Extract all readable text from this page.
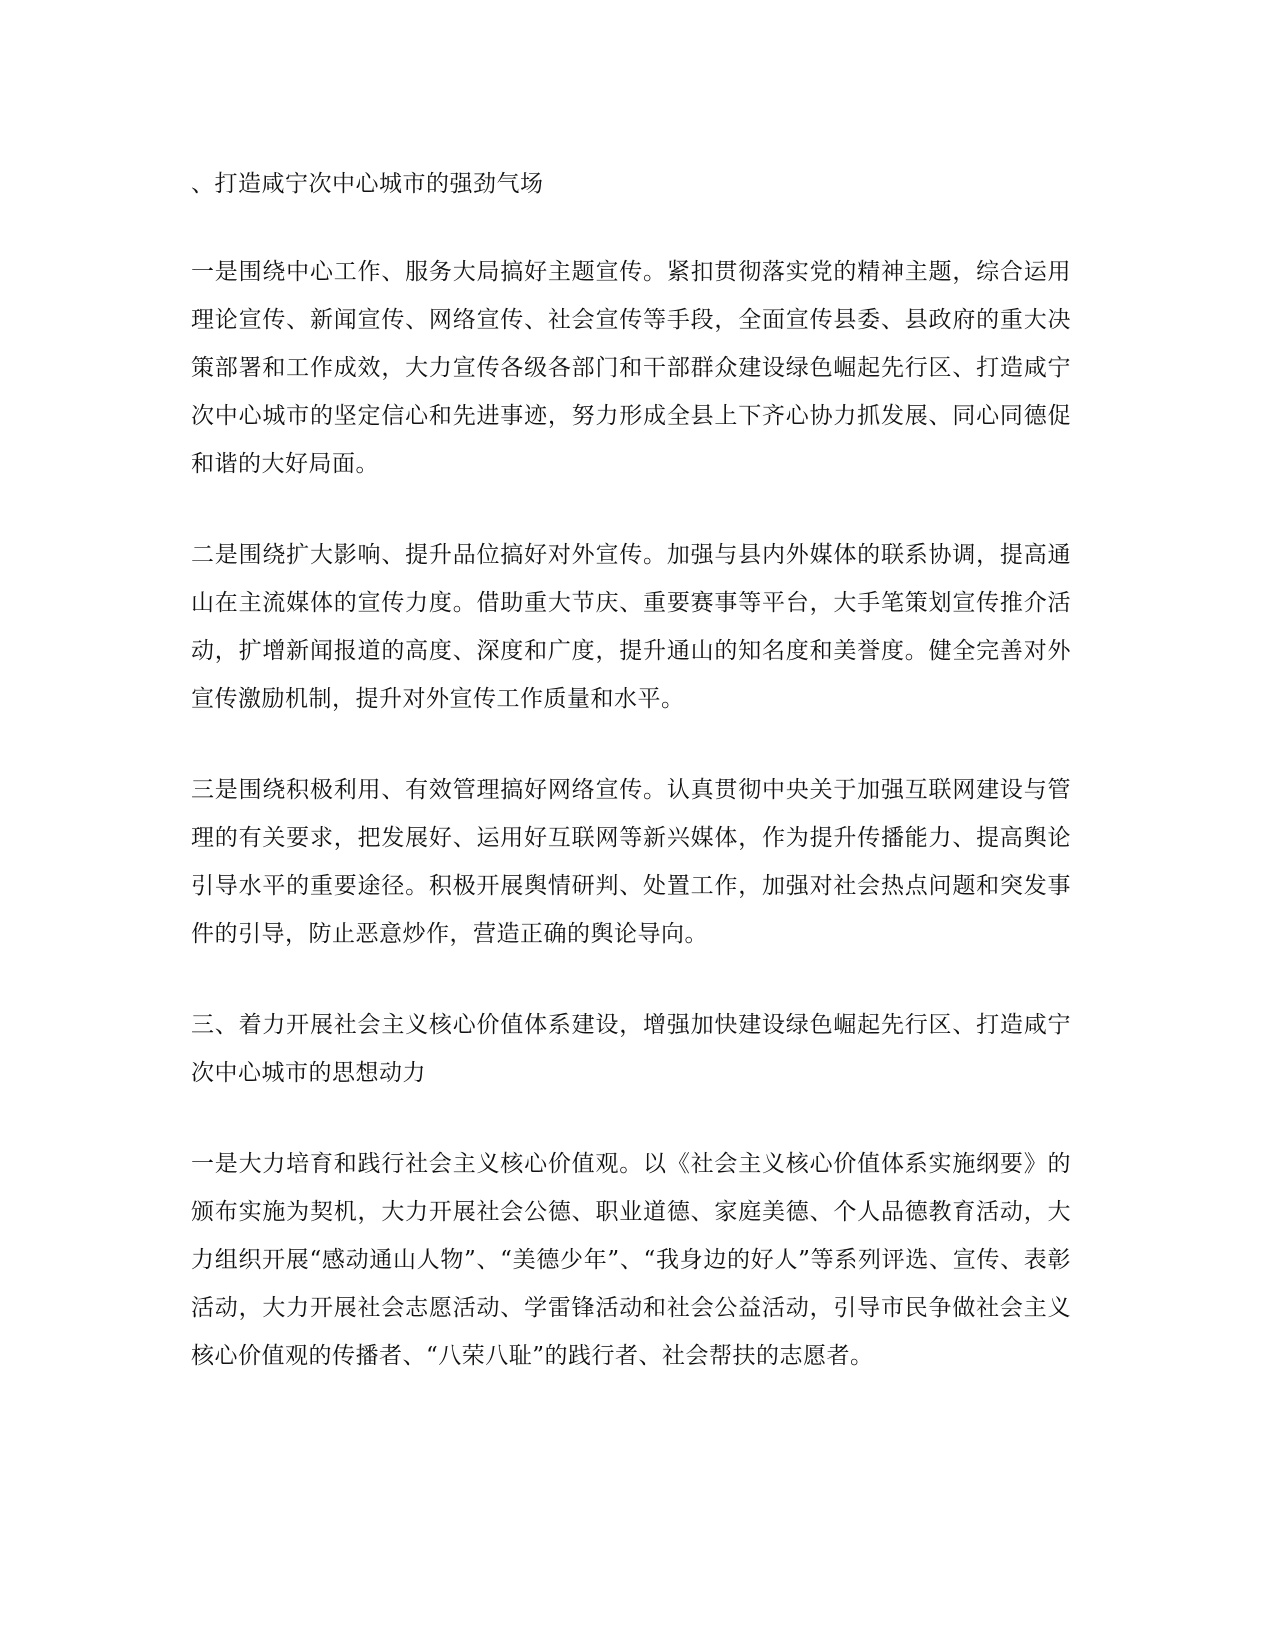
、打造咸宁次中心城市的强劲气场

一是围绕中心工作、服务大局搞好主题宣传。紧扣贯彻落实党的精神主题，综合运用理论宣传、新闻宣传、网络宣传、社会宣传等手段，全面宣传县委、县政府的重大决策部署和工作成效，大力宣传各级各部门和干部群众建设绿色崛起先行区、打造咸宁次中心城市的坚定信心和先进事迹，努力形成全县上下齐心协力抓发展、同心同德促和谐的大好局面。

二是围绕扩大影响、提升品位搞好对外宣传。加强与县内外媒体的联系协调，提高通山在主流媒体的宣传力度。借助重大节庆、重要赛事等平台，大手笔策划宣传推介活动，扩增新闻报道的高度、深度和广度，提升通山的知名度和美誉度。健全完善对外宣传激励机制，提升对外宣传工作质量和水平。

三是围绕积极利用、有效管理搞好网络宣传。认真贯彻中央关于加强互联网建设与管理的有关要求，把发展好、运用好互联网等新兴媒体，作为提升传播能力、提高舆论引导水平的重要途径。积极开展舆情研判、处置工作，加强对社会热点问题和突发事件的引导，防止恶意炒作，营造正确的舆论导向。

三、着力开展社会主义核心价值体系建设，增强加快建设绿色崛起先行区、打造咸宁次中心城市的思想动力

一是大力培育和践行社会主义核心价值观。以《社会主义核心价值体系实施纲要》的颁布实施为契机，大力开展社会公德、职业道德、家庭美德、个人品德教育活动，大力组织开展“感动通山人物”、“美德少年”、“我身边的好人”等系列评选、宣传、表彰活动，大力开展社会志愿活动、学雷锋活动和社会公益活动，引导市民争做社会主义核心价值观的传播者、“八荣八耻”的践行者、社会帮扶的志愿者。
